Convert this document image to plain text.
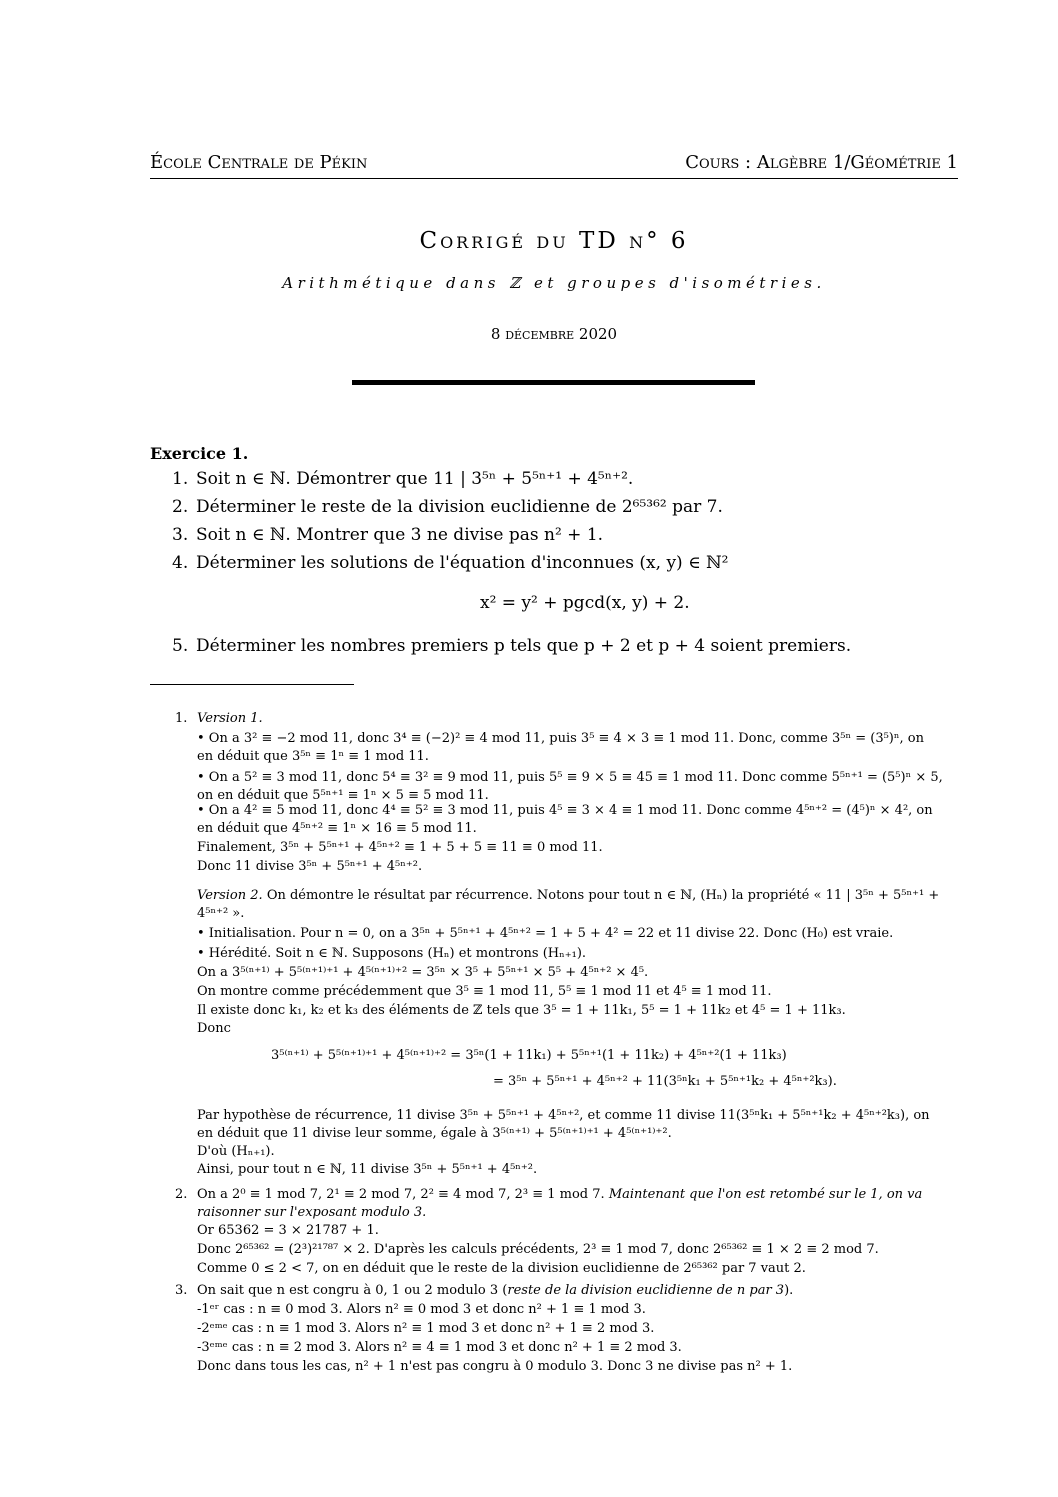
École Centrale de Pékin	Cours : Algèbre 1/Géométrie 1
Corrigé du TD n° 6
Arithmétique dans ℤ et groupes d'isométries.
8 décembre 2020
Exercice 1.
1. Soit n ∈ ℕ. Démontrer que 11 | 3⁵ⁿ + 5⁵ⁿ⁺¹ + 4⁵ⁿ⁺².
2. Déterminer le reste de la division euclidienne de 2⁶⁵³⁶² par 7.
3. Soit n ∈ ℕ. Montrer que 3 ne divise pas n² + 1.
4. Déterminer les solutions de l'équation d'inconnues (x, y) ∈ ℕ²
x² = y² + pgcd(x, y) + 2.
5. Déterminer les nombres premiers p tels que p + 2 et p + 4 soient premiers.
1. Version 1.
• On a 3² ≡ −2 mod 11, donc 3⁴ ≡ (−2)² ≡ 4 mod 11, puis 3⁵ ≡ 4 × 3 ≡ 1 mod 11. Donc, comme 3⁵ⁿ = (3⁵)ⁿ, on
en déduit que 3⁵ⁿ ≡ 1ⁿ ≡ 1 mod 11.
• On a 5² ≡ 3 mod 11, donc 5⁴ ≡ 3² ≡ 9 mod 11, puis 5⁵ ≡ 9 × 5 ≡ 45 ≡ 1 mod 11. Donc comme 5⁵ⁿ⁺¹ = (5⁵)ⁿ × 5,
on en déduit que 5⁵ⁿ⁺¹ ≡ 1ⁿ × 5 ≡ 5 mod 11.
• On a 4² ≡ 5 mod 11, donc 4⁴ ≡ 5² ≡ 3 mod 11, puis 4⁵ ≡ 3 × 4 ≡ 1 mod 11. Donc comme 4⁵ⁿ⁺² = (4⁵)ⁿ × 4², on
en déduit que 4⁵ⁿ⁺² ≡ 1ⁿ × 16 ≡ 5 mod 11.
Finalement, 3⁵ⁿ + 5⁵ⁿ⁺¹ + 4⁵ⁿ⁺² ≡ 1 + 5 + 5 ≡ 11 ≡ 0 mod 11.
Donc 11 divise 3⁵ⁿ + 5⁵ⁿ⁺¹ + 4⁵ⁿ⁺².
Version 2. On démontre le résultat par récurrence. Notons pour tout n ∈ ℕ, (Hₙ) la propriété « 11 | 3⁵ⁿ + 5⁵ⁿ⁺¹ +
4⁵ⁿ⁺² ».
• Initialisation. Pour n = 0, on a 3⁵ⁿ + 5⁵ⁿ⁺¹ + 4⁵ⁿ⁺² = 1 + 5 + 4² = 22 et 11 divise 22. Donc (H₀) est vraie.
• Hérédité. Soit n ∈ ℕ. Supposons (Hₙ) et montrons (Hₙ₊₁).
On a 3⁵⁽ⁿ⁺¹⁾ + 5⁵⁽ⁿ⁺¹⁾⁺¹ + 4⁵⁽ⁿ⁺¹⁾⁺² = 3⁵ⁿ × 3⁵ + 5⁵ⁿ⁺¹ × 5⁵ + 4⁵ⁿ⁺² × 4⁵.
On montre comme précédemment que 3⁵ ≡ 1 mod 11, 5⁵ ≡ 1 mod 11 et 4⁵ ≡ 1 mod 11.
Il existe donc k₁, k₂ et k₃ des éléments de ℤ tels que 3⁵ = 1 + 11k₁, 5⁵ = 1 + 11k₂ et 4⁵ = 1 + 11k₃.
Donc
3⁵⁽ⁿ⁺¹⁾ + 5⁵⁽ⁿ⁺¹⁾⁺¹ + 4⁵⁽ⁿ⁺¹⁾⁺² = 3⁵ⁿ(1 + 11k₁) + 5⁵ⁿ⁺¹(1 + 11k₂) + 4⁵ⁿ⁺²(1 + 11k₃)
= 3⁵ⁿ + 5⁵ⁿ⁺¹ + 4⁵ⁿ⁺² + 11(3⁵ⁿk₁ + 5⁵ⁿ⁺¹k₂ + 4⁵ⁿ⁺²k₃).
Par hypothèse de récurrence, 11 divise 3⁵ⁿ + 5⁵ⁿ⁺¹ + 4⁵ⁿ⁺², et comme 11 divise 11(3⁵ⁿk₁ + 5⁵ⁿ⁺¹k₂ + 4⁵ⁿ⁺²k₃), on
en déduit que 11 divise leur somme, égale à 3⁵⁽ⁿ⁺¹⁾ + 5⁵⁽ⁿ⁺¹⁾⁺¹ + 4⁵⁽ⁿ⁺¹⁾⁺².
D'où (Hₙ₊₁).
Ainsi, pour tout n ∈ ℕ, 11 divise 3⁵ⁿ + 5⁵ⁿ⁺¹ + 4⁵ⁿ⁺².
2. On a 2⁰ ≡ 1 mod 7, 2¹ ≡ 2 mod 7, 2² ≡ 4 mod 7, 2³ ≡ 1 mod 7. Maintenant que l'on est retombé sur le 1, on va
raisonner sur l'exposant modulo 3.
Or 65362 = 3 × 21787 + 1.
Donc 2⁶⁵³⁶² = (2³)²¹⁷⁸⁷ × 2. D'après les calculs précédents, 2³ ≡ 1 mod 7, donc 2⁶⁵³⁶² ≡ 1 × 2 ≡ 2 mod 7.
Comme 0 ≤ 2 < 7, on en déduit que le reste de la division euclidienne de 2⁶⁵³⁶² par 7 vaut 2.
3. On sait que n est congru à 0, 1 ou 2 modulo 3 (reste de la division euclidienne de n par 3).
-1ᵉʳ cas : n ≡ 0 mod 3. Alors n² ≡ 0 mod 3 et donc n² + 1 ≡ 1 mod 3.
-2ᵉᵐᵉ cas : n ≡ 1 mod 3. Alors n² ≡ 1 mod 3 et donc n² + 1 ≡ 2 mod 3.
-3ᵉᵐᵉ cas : n ≡ 2 mod 3. Alors n² ≡ 4 ≡ 1 mod 3 et donc n² + 1 ≡ 2 mod 3.
Donc dans tous les cas, n² + 1 n'est pas congru à 0 modulo 3. Donc 3 ne divise pas n² + 1.
